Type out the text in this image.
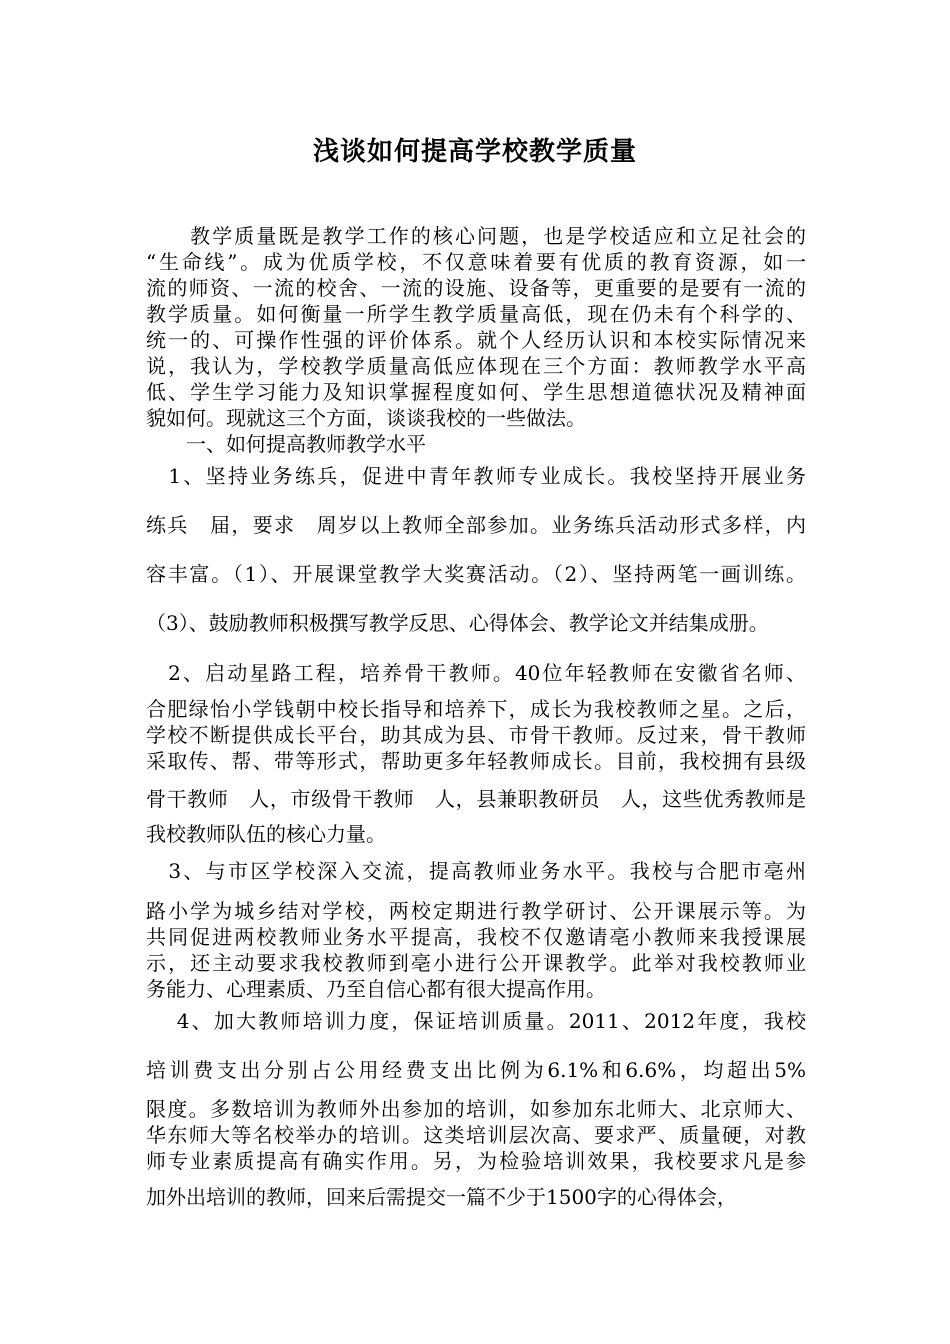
浅谈如何提高学校教学质量
　　教学质量既是教学工作的核心问题，也是学校适应和立足社会的
“生命线”。成为优质学校，不仅意味着要有优质的教育资源，如一
流的师资、一流的校舍、一流的设施、设备等，更重要的是要有一流的
教学质量。如何衡量一所学生教学质量高低，现在仍未有个科学的、
统一的、可操作性强的评价体系。就个人经历认识和本校实际情况来
说，我认为，学校教学质量高低应体现在三个方面：教师教学水平高
低、学生学习能力及知识掌握程度如何、学生思想道德状况及精神面
貌如何。现就这三个方面，谈谈我校的一些做法。
　　一、如何提高教师教学水平
　1、坚持业务练兵，促进中青年教师专业成长。我校坚持开展业务
练兵　届，要求　周岁以上教师全部参加。业务练兵活动形式多样，内
容丰富。（1）、开展课堂教学大奖赛活动。（2）、坚持两笔一画训练。
（3）、鼓励教师积极撰写教学反思、心得体会、教学论文并结集成册。
　2、启动星路工程，培养骨干教师。40位年轻教师在安徽省名师、
合肥绿怡小学钱朝中校长指导和培养下，成长为我校教师之星。之后，
学校不断提供成长平台，助其成为县、市骨干教师。反过来，骨干教师
采取传、帮、带等形式，帮助更多年轻教师成长。目前，我校拥有县级
骨干教师　人，市级骨干教师　人，县兼职教研员　人，这些优秀教师是
我校教师队伍的核心力量。
　3、与市区学校深入交流，提高教师业务水平。我校与合肥市亳州
路小学为城乡结对学校，两校定期进行教学研讨、公开课展示等。为
共同促进两校教师业务水平提高，我校不仅邀请亳小教师来我授课展
示，还主动要求我校教师到亳小进行公开课教学。此举对我校教师业
务能力、心理素质、乃至自信心都有很大提高作用。
　 4、加大教师培训力度，保证培训质量。2011、2012年度，我校
培训费支出分别占公用经费支出比例为6.1%和6.6%，均超出5%
限度。多数培训为教师外出参加的培训，如参加东北师大、北京师大、
华东师大等名校举办的培训。这类培训层次高、要求严、质量硬，对教
师专业素质提高有确实作用。另，为检验培训效果，我校要求凡是参
加外出培训的教师，回来后需提交一篇不少于1500字的心得体会，
